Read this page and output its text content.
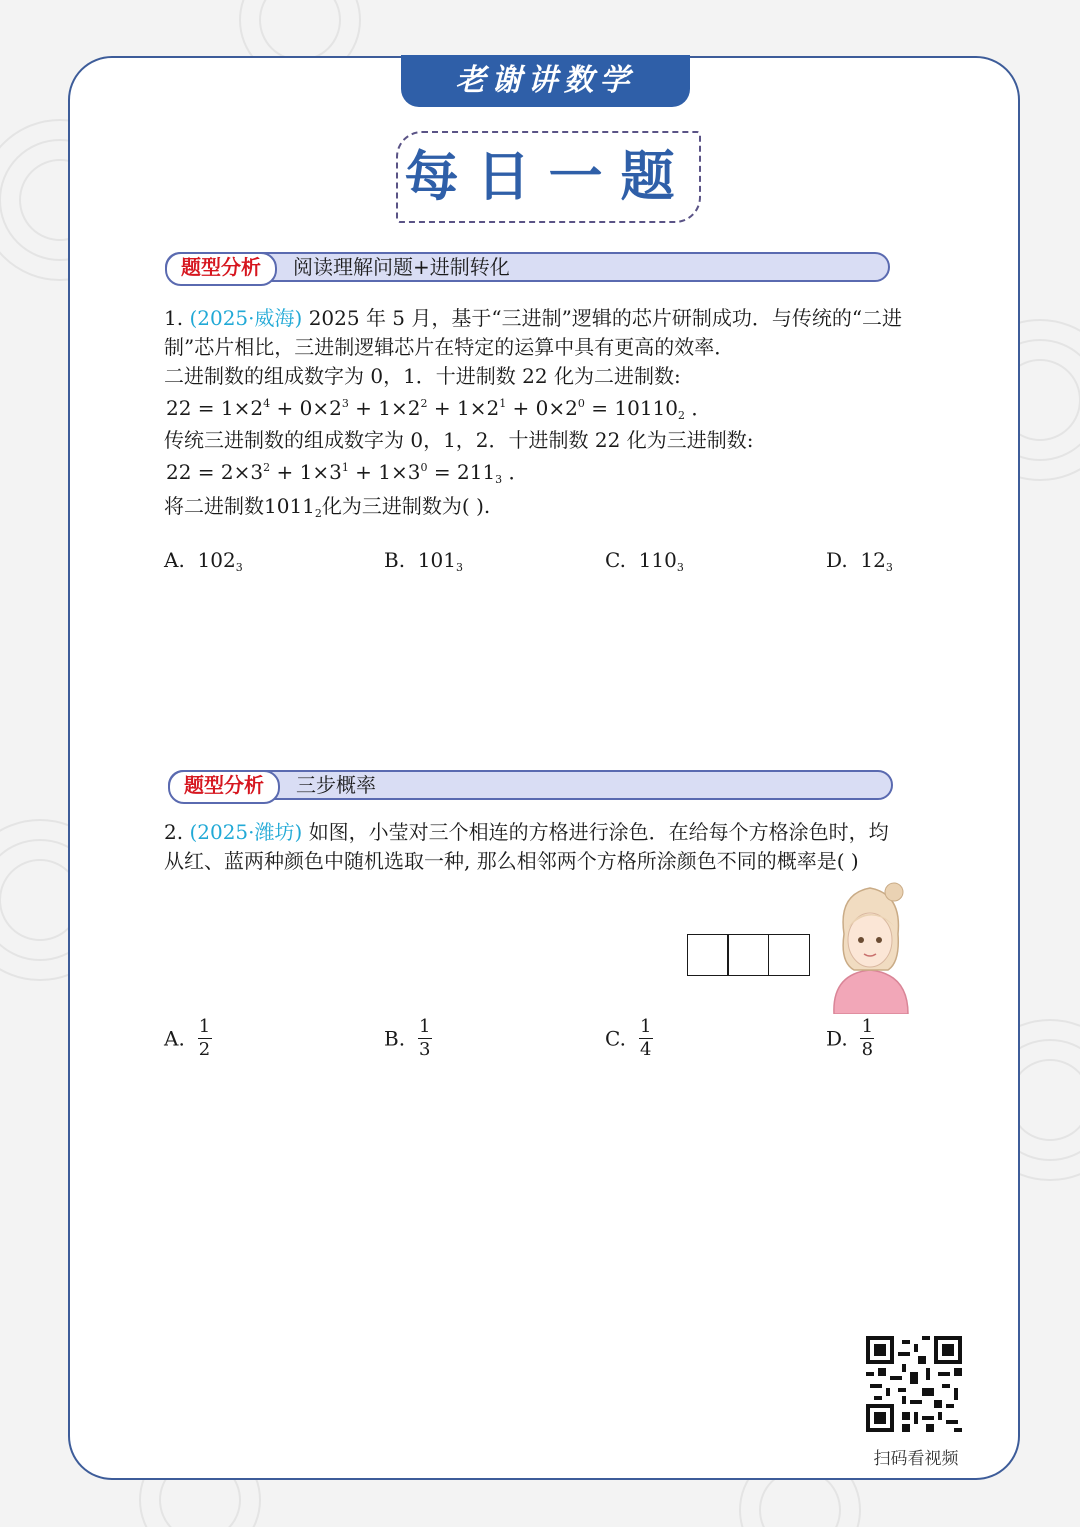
老谢讲数学
每日一题
题型分析	阅读理解问题+进制转化
1. (2025·威海) 2025 年 5 月，基于“三进制”逻辑的芯片研制成功．与传统的“二进
制”芯片相比，三进制逻辑芯片在特定的运算中具有更高的效率．
二进制数的组成数字为 0，1．十进制数 22 化为二进制数:
$22 = 1\times 2^4 + 0\times 2^3 + 1\times 2^2 + 1\times 2^1 + 0\times 2^0 = 10110_2$ ．
传统三进制数的组成数字为 0，1，2．十进制数 22 化为三进制数:
$22 = 2\times 3^2 + 1\times 3^1 + 1\times 3^0 = 211_3$ ．
将二进制数$1011_2$化为三进制数为( ).
A. $102_3$	B. $101_3$	C. $110_3$	D. $12_3$
题型分析	三步概率
2. (2025·潍坊) 如图，小莹对三个相连的方格进行涂色．在给每个方格涂色时，均
从红、蓝两种颜色中随机选取一种, 那么相邻两个方格所涂颜色不同的概率是( )
A. $\frac{1}{2}$	B. $\frac{1}{3}$	C. $\frac{1}{4}$	D. $\frac{1}{8}$
扫码看视频
